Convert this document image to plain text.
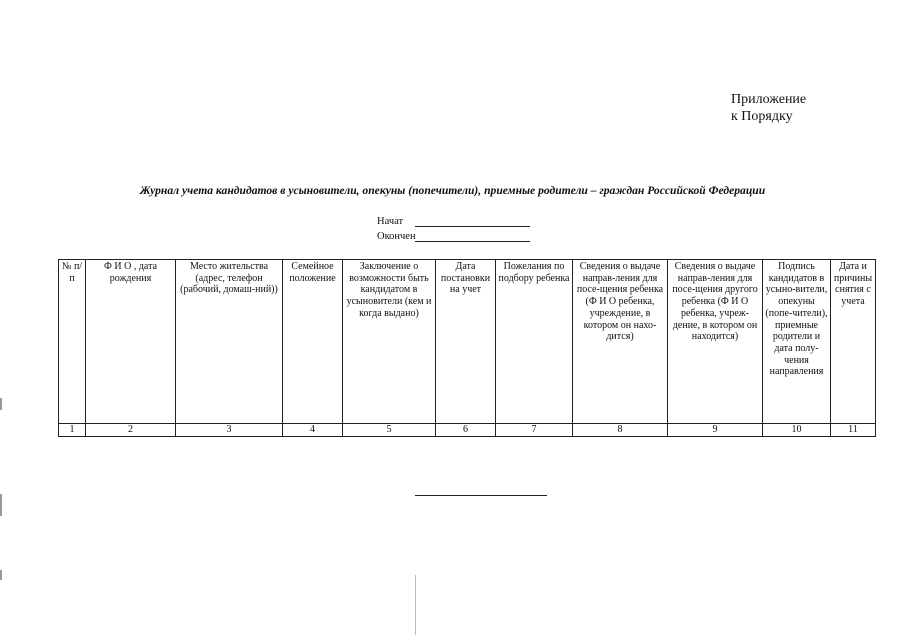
Приложение
к Порядку
Журнал учета кандидатов в усыновители, опекуны (попечители), приемные родители – граждан Российской Федерации
Начат
Окончен
№ п/п	Ф И О , дата рождения	Место жительства (адрес, телефон (рабочий, домаш-ний))	Семейное положение	Заключение о возможности быть кандидатом в усыновители (кем и когда выдано)	Дата постановки на учет	Пожелания по подбору ребенка	Сведения о выдаче направ-ления для посе-щения ребенка (Ф И О ребенка, учреждение, в котором он нахо-дится)	Сведения о выдаче направ-ления для посе-щения другого ребенка (Ф И О ребенка, учреж-дение, в котором он находится)	Подпись кандидатов в усыно-вители, опекуны (попе-чители), приемные родители и дата полу-чения направления	Дата и причины снятия с учета
1	2	3	4	5	6	7	8	9	10	11
